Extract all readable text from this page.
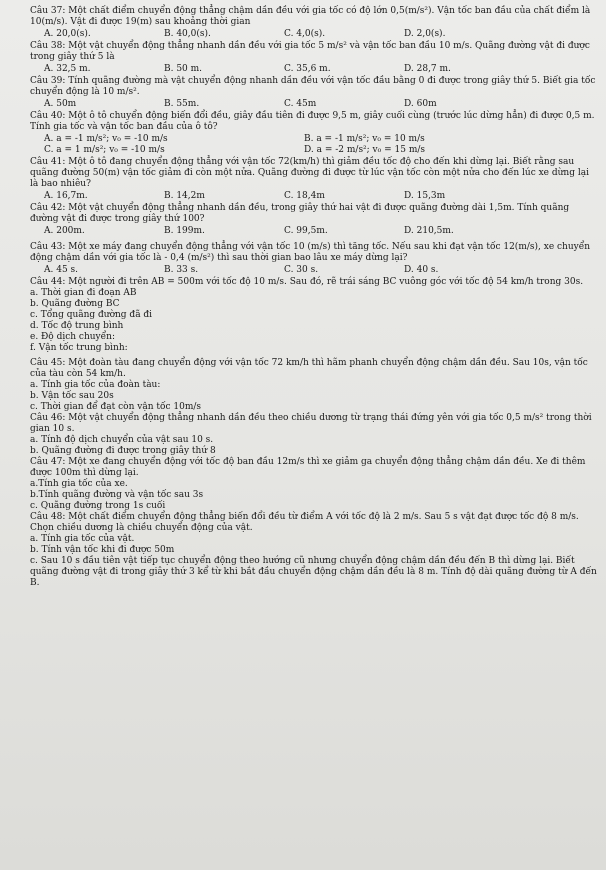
Câu 37: Một chất điểm chuyển động thẳng chậm dần đều với gia tốc có độ lớn 0,5(m/s²). Vận tốc ban đầu của chất điểm là 10(m/s). Vật đi được 19(m) sau khoảng thời gian

A. 20,0(s).	B. 40,0(s).	C. 4,0(s).	D. 2,0(s).

Câu 38: Một vật chuyển động thẳng nhanh dần đều với gia tốc 5 m/s² và vận tốc ban đầu 10 m/s. Quãng đường vật đi được trong giây thứ 5 là

A. 32,5 m.	B. 50 m.	C. 35,6 m.	D. 28,7 m.

Câu 39: Tính quãng đường mà vật chuyển động nhanh dần đều với vận tốc đầu bằng 0 đi được trong giây thứ 5. Biết gia tốc chuyển động là 10 m/s².

A. 50m	B. 55m.	C. 45m	D. 60m

Câu 40: Một ô tô chuyển động biến đổi đều, giây đầu tiên đi được 9,5 m, giây cuối cùng (trước lúc dừng hẳn) đi được 0,5 m. Tính gia tốc và vận tốc ban đầu của ô tô?

A. a = -1 m/s²; v₀ = -10 m/s	B. a = -1 m/s²; v₀ = 10 m/s
C. a = 1 m/s²; v₀ = -10 m/s	D. a = -2 m/s²; v₀ = 15 m/s

Câu 41: Một ô tô đang chuyển động thẳng với vận tốc 72(km/h) thì giảm đều tốc độ cho đến khi dừng lại. Biết rằng sau quãng đường 50(m) vận tốc giảm đi còn một nửa. Quãng đường đi được từ lúc vận tốc còn một nửa cho đến lúc xe dừng lại là bao nhiêu?

A. 16,7m.	B. 14,2m	C. 18,4m	D. 15,3m

Câu 42: Một vật chuyển động thẳng nhanh dần đều, trong giây thứ hai vật đi được quãng đường dài 1,5m. Tính quãng đường vật đi được trong giây thứ 100?

A. 200m.	B. 199m.	C. 99,5m.	D. 210,5m.

Câu 43: Một xe máy đang chuyển động thẳng với vận tốc 10 (m/s) thì tăng tốc. Nếu sau khi đạt vận tốc 12(m/s), xe chuyển động chậm dần với gia tốc là - 0,4 (m/s²) thì sau thời gian bao lâu xe máy dừng lại?

A. 45 s.	B. 33 s.	C. 30 s.	D. 40 s.

Câu 44: Một người đi trên AB = 500m với tốc độ 10 m/s. Sau đó, rẽ trái sáng BC vuông góc với tốc độ 54 km/h trong 30s.

a. Thời gian đi đoạn AB

b. Quãng đường BC

c. Tổng quãng đường đã đi

d. Tốc độ trung bình

e. Độ dịch chuyển:

f. Vận tốc trung bình:

Câu 45: Một đoàn tàu đang chuyển động với vận tốc 72 km/h thì hãm phanh chuyển động chậm dần đều. Sau 10s, vận tốc của tàu còn 54 km/h.

a. Tính gia tốc của đoàn tàu:

b. Vận tốc sau 20s

c. Thời gian để đạt còn vận tốc 10m/s

Câu 46: Một vật chuyển động thẳng nhanh dần đều theo chiều dương từ trạng thái đứng yên với gia tốc 0,5 m/s² trong thời gian 10 s.

a. Tính độ dịch chuyển của vật sau 10 s.

b. Quãng đường đi được trong giây thứ 8

Câu 47: Một xe đang chuyển động với tốc độ ban đầu 12m/s thì xe giảm ga chuyển động thẳng chậm dần đều. Xe đi thêm được 100m thì dừng lại.

a.Tính gia tốc của xe.

b.Tính quãng đường và vận tốc sau 3s

c. Quãng đường trong 1s cuối

Câu 48: Một chất điểm chuyển động thẳng biến đổi đều từ điểm A với tốc độ là 2 m/s. Sau 5 s vật đạt được tốc độ 8 m/s. Chọn chiều dương là chiều chuyển động của vật.

a. Tính gia tốc của vật.

b. Tính vận tốc khi đi được 50m

c. Sau 10 s đầu tiên vật tiếp tục chuyển động theo hướng cũ nhưng chuyển động chậm dần đều đến B thì dừng lại. Biết quãng đường vật đi trong giây thứ 3 kể từ khi bắt đầu chuyển động chậm dần đều là 8 m. Tính độ dài quãng đường từ A đến B.
